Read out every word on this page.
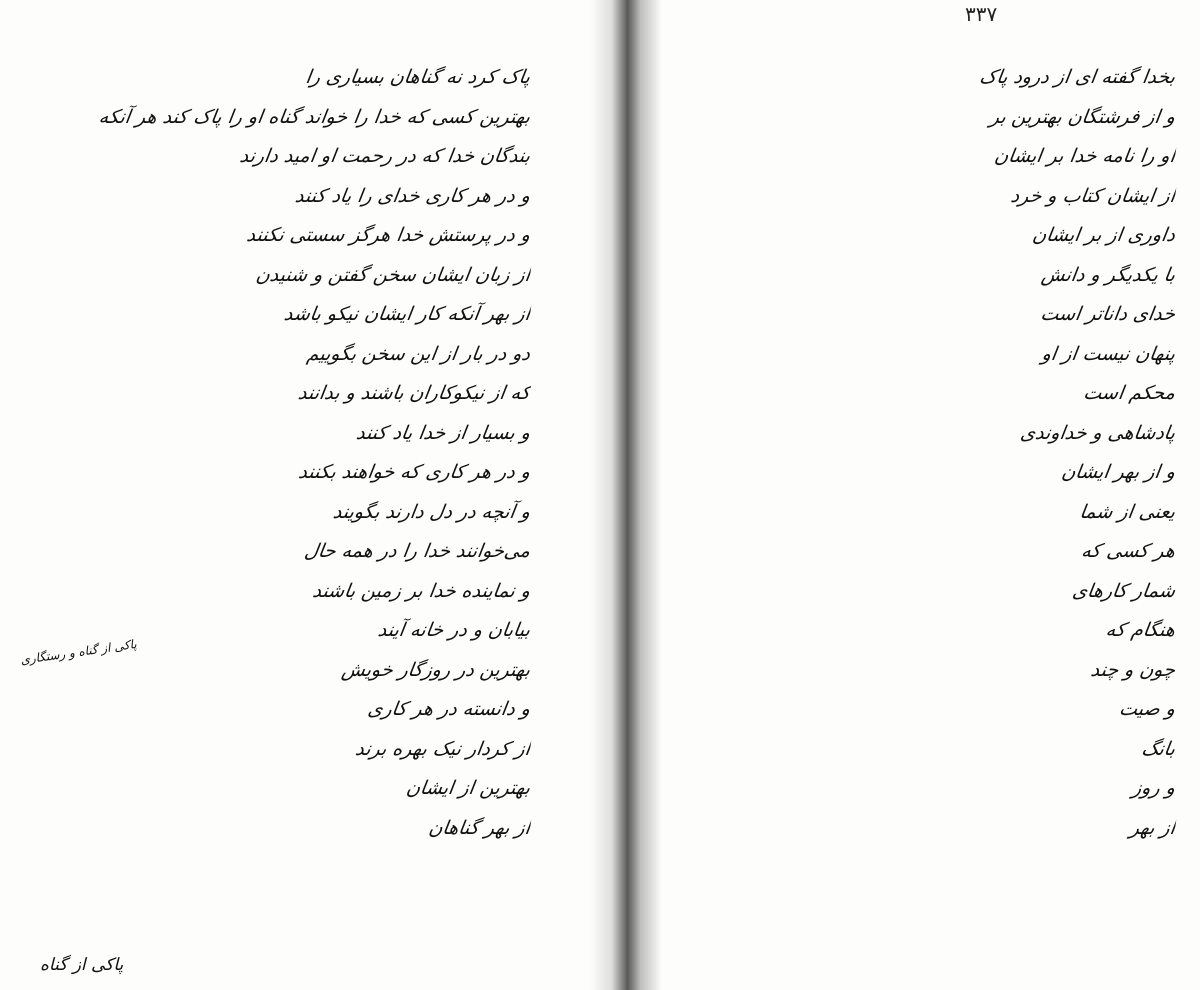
پاک کرد نه گناهان بسیاری را
بهترین کسی که خدا را خواند گناه او را پاک کند هر آنکه
بندگان خدا که در رحمت او امید دارند
و در هر کاری خدای را یاد کنند
و در پرستش خدا هرگز سستی نکنند
از زبان ایشان سخن گفتن و شنیدن
از بهر آنکه کار ایشان نیکو باشد
دو در بار از این سخن بگوییم
که از نیکوکاران باشند و بدانند
و بسیار از خدا یاد کنند
و در هر کاری که خواهند بکنند
و آنچه در دل دارند بگویند
می‌خوانند خدا را در همه حال
و نماینده خدا بر زمین باشند
بیابان و در خانه آیند
بهترین در روزگار خویش
و دانسته در هر کاری
از کردار نیک بهره برند
بهترین از ایشان
از بهر گناهان
پاکی از گناه و رستگاری
پاکی از گناه
۳۳۷
بخدا گفته ای از درود پاک
و از فرشتگان بهترین بر
او را نامه خدا بر ایشان
از ایشان کتاب و خرد
داوری از بر ایشان
با یکدیگر و دانش
خدای داناتر است
پنهان نیست از او
محکم است
پادشاهی و خداوندی
و از بهر ایشان
یعنی از شما
هر کسی که
شمار کارهای
هنگام که
چون و چند
و صیت
بانگ
و روز
از بهر
